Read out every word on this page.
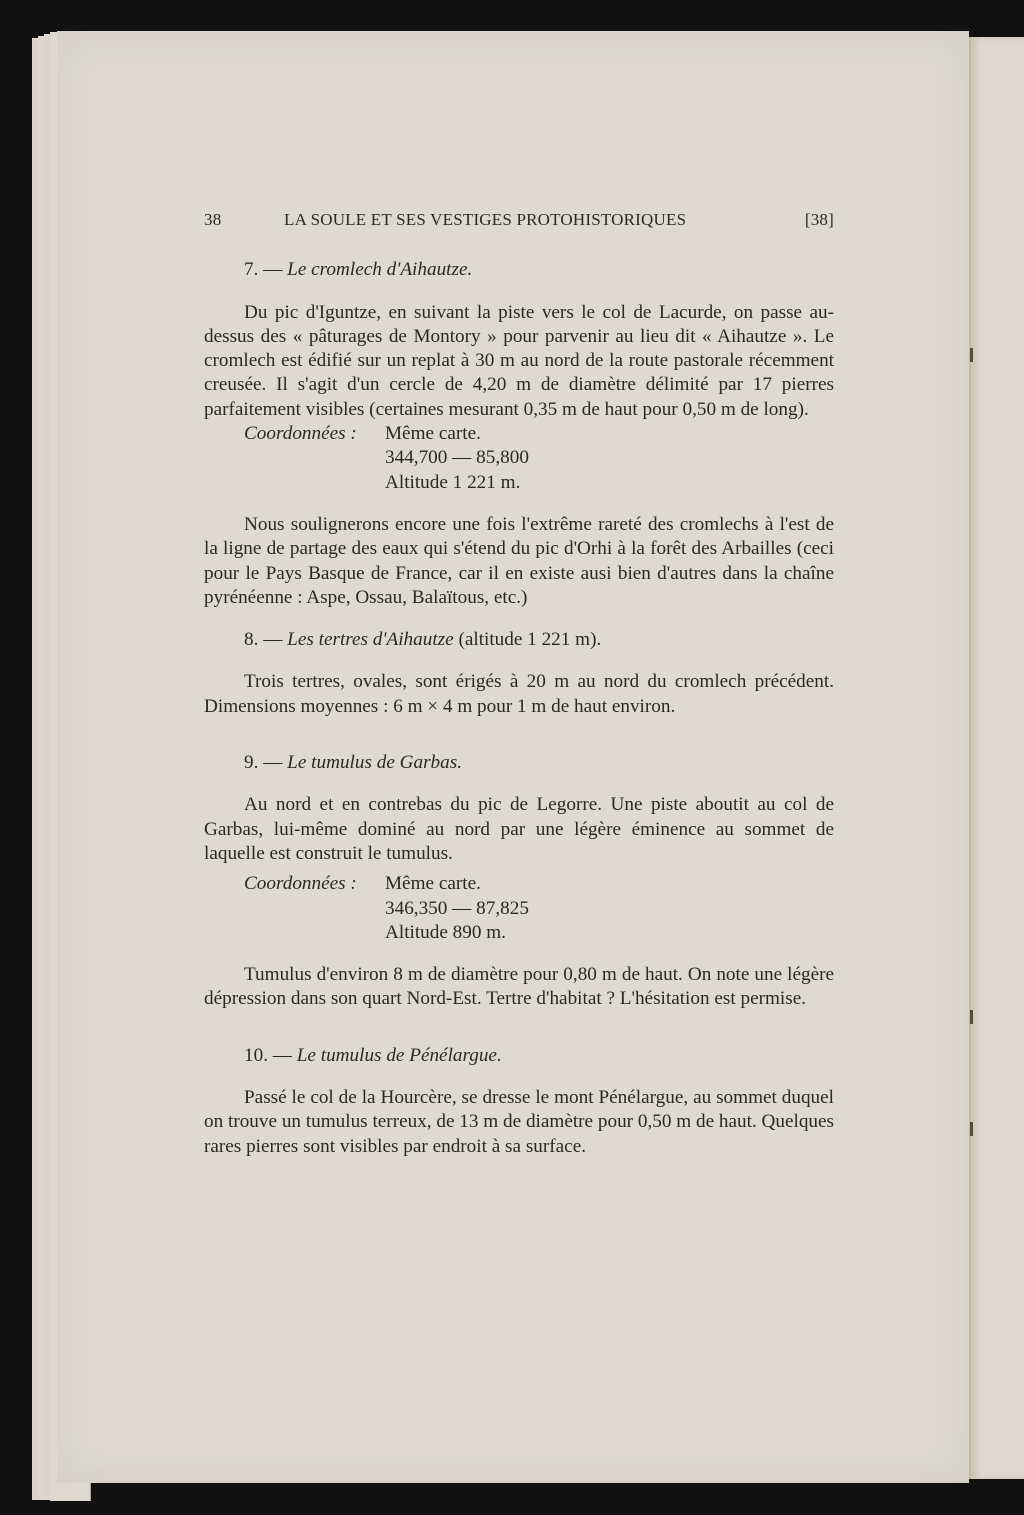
38	LA SOULE ET SES VESTIGES PROTOHISTORIQUES	[38]
7. — Le cromlech d'Aihautze.

Du pic d'Iguntze, en suivant la piste vers le col de Lacurde, on passe au-dessus des « pâturages de Montory » pour parvenir au lieu dit « Aihautze ». Le cromlech est édifié sur un replat à 30 m au nord de la route pastorale récemment creusée. Il s'agit d'un cercle de 4,20 m de diamètre délimité par 17 pierres parfaitement visibles (certaines mesurant 0,35 m de haut pour 0,50 m de long).

Coordonnées :	Même carte.
344,700 — 85,800
Altitude 1 221 m.

Nous soulignerons encore une fois l'extrême rareté des cromlechs à l'est de la ligne de partage des eaux qui s'étend du pic d'Orhi à la forêt des Arbailles (ceci pour le Pays Basque de France, car il en existe ausi bien d'autres dans la chaîne pyrénéenne : Aspe, Ossau, Balaïtous, etc.)

8. — Les tertres d'Aihautze (altitude 1 221 m).

Trois tertres, ovales, sont érigés à 20 m au nord du cromlech précédent. Dimensions moyennes : 6 m × 4 m pour 1 m de haut environ.

9. — Le tumulus de Garbas.

Au nord et en contrebas du pic de Legorre. Une piste aboutit au col de Garbas, lui-même dominé au nord par une légère éminence au sommet de laquelle est construit le tumulus.

Coordonnées :	Même carte.
346,350 — 87,825
Altitude 890 m.

Tumulus d'environ 8 m de diamètre pour 0,80 m de haut. On note une légère dépression dans son quart Nord-Est. Tertre d'habitat ? L'hésitation est permise.

10. — Le tumulus de Pénélargue.

Passé le col de la Hourcère, se dresse le mont Pénélargue, au sommet duquel on trouve un tumulus terreux, de 13 m de diamètre pour 0,50 m de haut. Quelques rares pierres sont visibles par endroit à sa surface.
